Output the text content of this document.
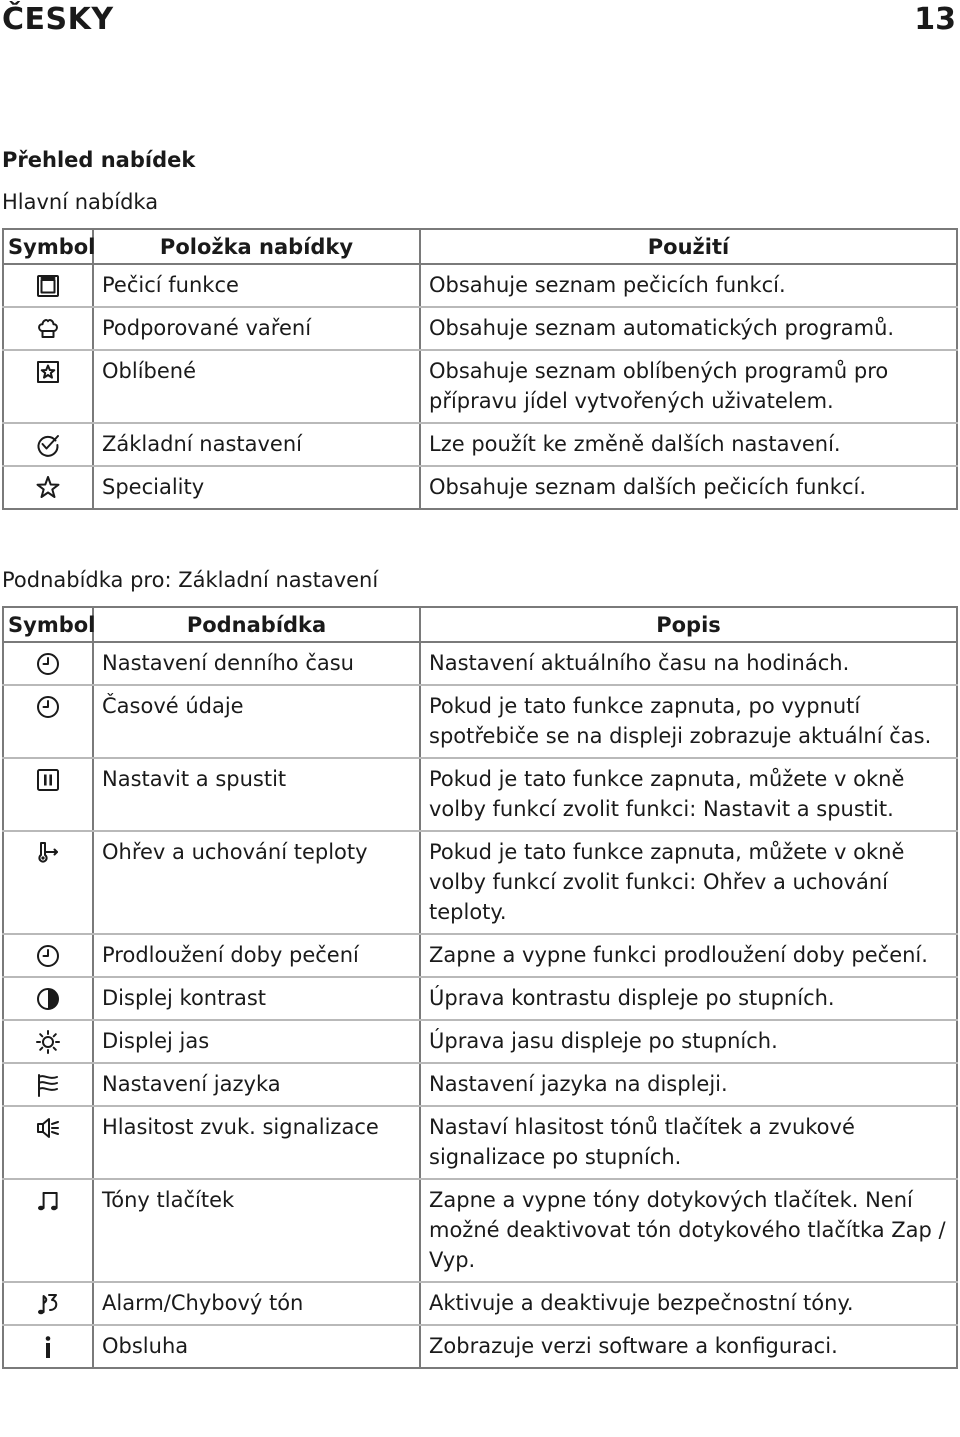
ČESKY	13
Přehled nabídek
Hlavní nabídka
Symbol	Položka nabídky	Použití

	Pečicí funkce	Obsahuje seznam pečicích funkcí.

	Podporované vaření	Obsahuje seznam automatických programů.

	Oblíbené	Obsahuje seznam oblíbených programů pro přípravu jídel vytvořených uživatelem.

	Základní nastavení	Lze použít ke změně dalších nastavení.

	Speciality	Obsahuje seznam dalších pečicích funkcí.
Podnabídka pro: Základní nastavení
Symbol	Podnabídka	Popis

	Nastavení denního času	Nastavení aktuálního času na hodinách.

	Časové údaje	Pokud je tato funkce zapnuta, po vypnutí spotřebiče se na displeji zobrazuje aktuální čas.

	Nastavit a spustit	Pokud je tato funkce zapnuta, můžete v okně volby funkcí zvolit funkci: Nastavit a spustit.

	Ohřev a uchování teploty	Pokud je tato funkce zapnuta, můžete v okně volby funkcí zvolit funkci: Ohřev a uchování teploty.

	Prodloužení doby pečení	Zapne a vypne funkci prodloužení doby pečení.

	Displej kontrast	Úprava kontrastu displeje po stupních.

	Displej jas	Úprava jasu displeje po stupních.

	Nastavení jazyka	Nastavení jazyka na displeji.

	Hlasitost zvuk. signalizace	Nastaví hlasitost tónů tlačítek a zvukové signalizace po stupních.

	Tóny tlačítek	Zapne a vypne tóny dotykových tlačítek. Není možné deaktivovat tón dotykového tlačítka Zap / Vyp.

	Alarm/Chybový tón	Aktivuje a deaktivuje bezpečnostní tóny.

	Obsluha	Zobrazuje verzi software a konfiguraci.
